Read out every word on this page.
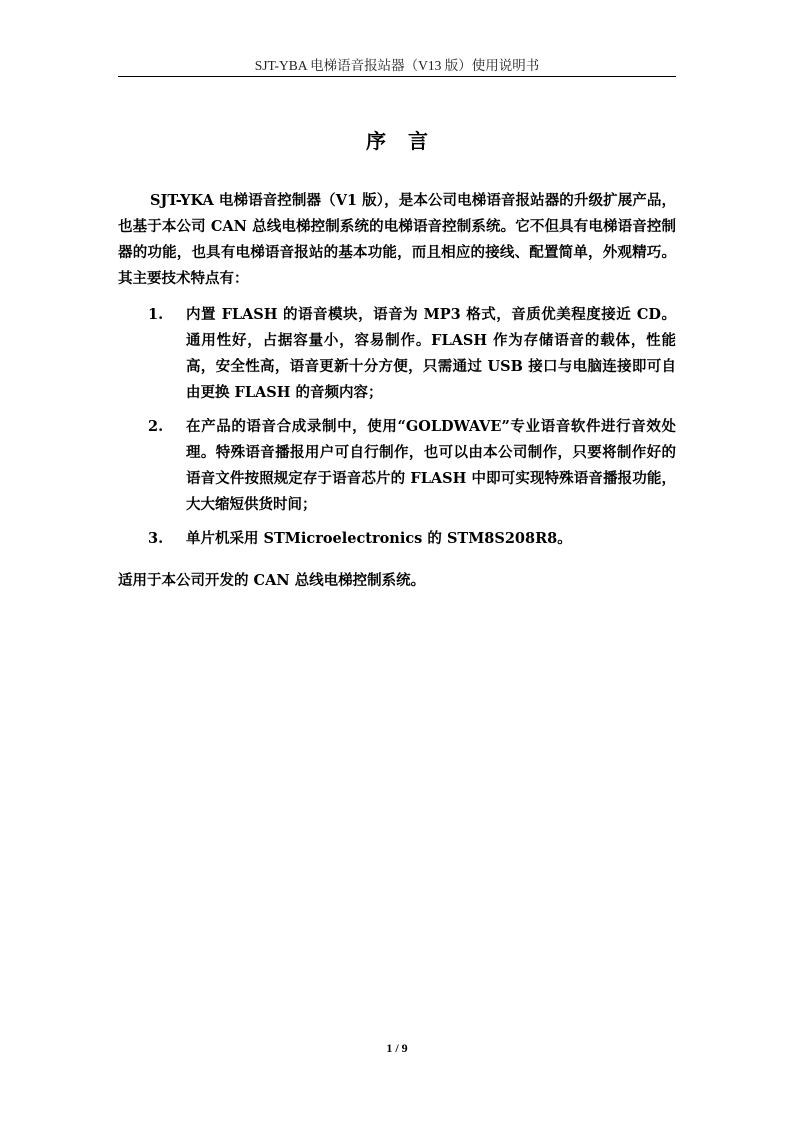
SJT-YBA 电梯语音报站器（V13 版）使用说明书
序言

SJT-YKA 电梯语音控制器（V1 版），是本公司电梯语音报站器的升级扩展产品，也基于本公司 CAN 总线电梯控制系统的电梯语音控制系统。它不但具有电梯语音控制器的功能，也具有电梯语音报站的基本功能，而且相应的接线、配置简单，外观精巧。其主要技术特点有：

1. 内置 FLASH 的语音模块，语音为 MP3 格式，音质优美程度接近 CD。通用性好，占据容量小，容易制作。FLASH 作为存储语音的载体，性能高，安全性高，语音更新十分方便，只需通过 USB 接口与电脑连接即可自由更换 FLASH 的音频内容；
2. 在产品的语音合成录制中，使用“GOLDWAVE”专业语音软件进行音效处理。特殊语音播报用户可自行制作，也可以由本公司制作，只要将制作好的语音文件按照规定存于语音芯片的 FLASH 中即可实现特殊语音播报功能，大大缩短供货时间；
3. 单片机采用 STMicroelectronics 的 STM8S208R8。

适用于本公司开发的 CAN 总线电梯控制系统。

1 / 9
